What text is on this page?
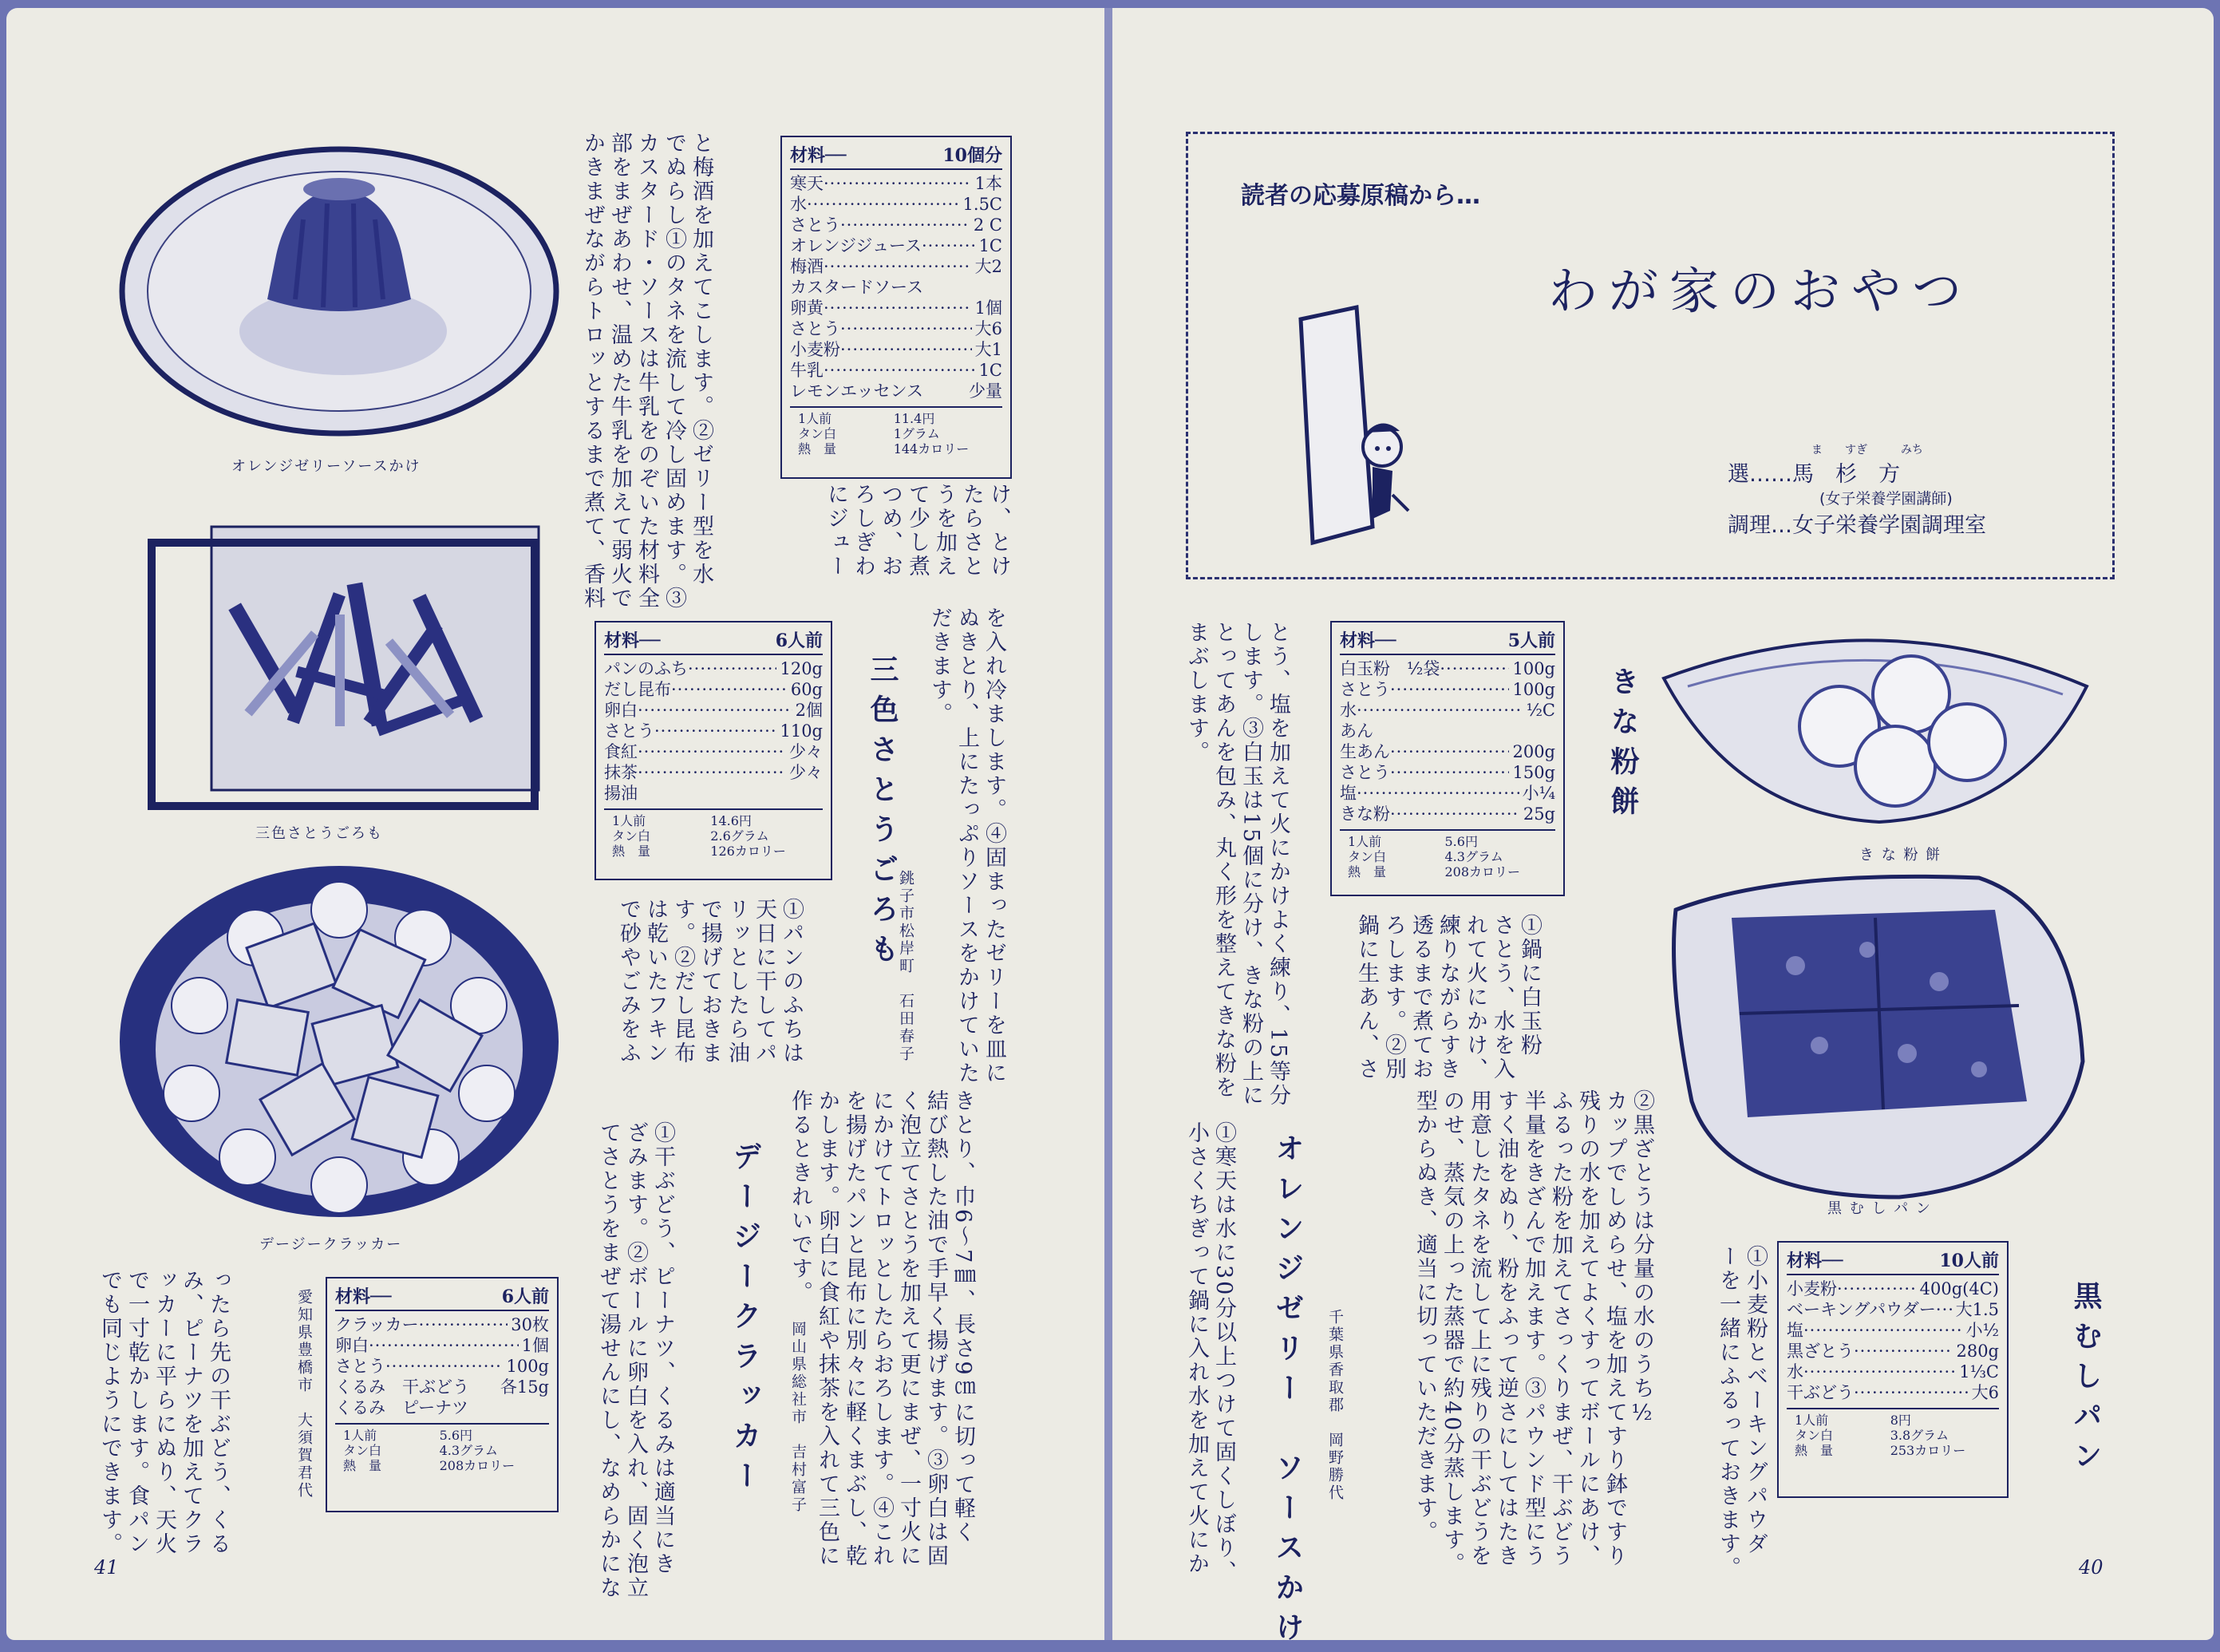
オレンジゼリーソースかけ
三色さとうごろも
デージークラッカー
と梅酒を加えてこします。②ゼリー型を水
でぬらし①のタネを流して冷し固めます。③
カスタード・ソースは牛乳をのぞいた材料全
部をまぜあわせ、温めた牛乳を加えて弱火で
かきまぜながらトロッとするまで煮て、香料	材料──	10個分
寒天 ·····	1本
水 ·····	1.5C
さとう ·····	2 C
オレンジジュース ·····	1C
梅酒 ·····	大2
カスタードソース
卵黄 ·····	1個
さとう ·····	大6
小麦粉 ·····	大1
牛乳 ·····	1C
レモンエッセンス	少量
1人前	11.4円
タン白	1グラム
熱　量	144カロリー
け、とけ
たらさと
うを加え
て少し煮
つめ、お
ろしぎわ
にジュー
を入れ冷まします。④固まったゼリーを皿に
ぬきとり、上にたっぷりソースをかけていた
だきます。
銚子市松岸町　石田春子
三色さとうごろも
材料──	6人前
パンのふち ·····	120g
だし昆布 ·····	60g
卵白 ·····	2個
さとう ·····	110g
食紅 ·····	少々
抹茶 ·····	少々
揚油
1人前	14.6円
タン白	2.6グラム
熱　量	126カロリー
①パンのふちは
天日に干してパ
リッとしたら油
で揚げておきま
す。②だし昆布
は乾いたフキン
で砂やごみをふ
きとり、巾6〜7㎜、長さ9㎝に切って軽く
結び熱した油で手早く揚げます。③卵白は固
く泡立てさとうを加えて更にまぜ、一寸火に
にかけてトロッとしたらおろします。④これ
を揚げたパンと昆布に別々に軽くまぶし、乾
かします。卵白に食紅や抹茶を入れて三色に
作るときれいです。
岡山県総社市　吉村富子
デージークラッカー
①干ぶどう、ピーナツ、くるみは適当にき
ざみます。②ボールに卵白を入れ、固く泡立
てさとうをまぜて湯せんにし、なめらかにな
ったら先の干ぶどう、くる
み、ピーナツを加えてクラ
ッカーに平らにぬり、天火
で一寸乾かします。食パン
でも同じようにできます。	愛知県豊橋市　大須賀君代 材料──	6人前
クラッカー ·····	30枚
卵白 ·····	1個
さとう ·····	100g
くるみ　干ぶどう 各15g
くるみ　ピーナツ
1人前	5.6円
タン白	4.3グラム
熱　量	208カロリー
41
読者の応募原稿から…
わが家のおやつ
ま　　すぎ　　　みち
選……馬　杉　方
(女子栄養学園講師)
調理…女子栄養学園調理室
き な 粉 餅
黒 む し パ ン
きな粉餅
材料──	5人前
白玉粉　½袋 ·····	100g
さとう ·····	100g
水 ·····	½C
あん
生あん ·····	200g
さとう ·····	150g
塩 ·····	小¼
きな粉 ·····	25g
1人前	5.6円
タン白	4.3グラム
熱　量	208カロリー
とう、塩を加えて火にかけよく練り、15等分
します。③白玉は15個に分け、きな粉の上に
とってあんを包み、丸く形を整えてきな粉を
まぶします。
①鍋に白玉粉
さとう、水を入
れて火にかけ、
練りながらすき
透るまで煮てお
ろします。②別
鍋に生あん、さ
黒むしパン
材料──	10人前
小麦粉 ·····	400g(4C)
ベーキングパウダー ·····	大1.5
塩 ·····	小½
黒ざとう ·····	280g
水 ·····	1⅓C
干ぶどう ·····	大6
1人前	8円
タン白	3.8グラム
熱　量	253カロリー
①小麦粉とベーキングパウダ
ーを一緒にふるっておきます。
②黒ざとうは分量の水のうち½
カップでしめらせ、塩を加えてすり鉢ですり
残りの水を加えてよくすってボールにあけ、
ふるった粉を加えてさっくりまぜ、干ぶどう
半量をきざんで加えます。③パウンド型にう
すく油をぬり、粉をふって逆さにしてはたき
用意したタネを流して上に残りの干ぶどうを
のせ、蒸気の上った蒸器で約40分蒸します。
型からぬき、適当に切っていただきます。
千葉県香取郡　岡野勝代
オレンジゼリー　ソースかけ
①寒天は水に30分以上つけて固くしぼり、
小さくちぎって鍋に入れ水を加えて火にか	40
